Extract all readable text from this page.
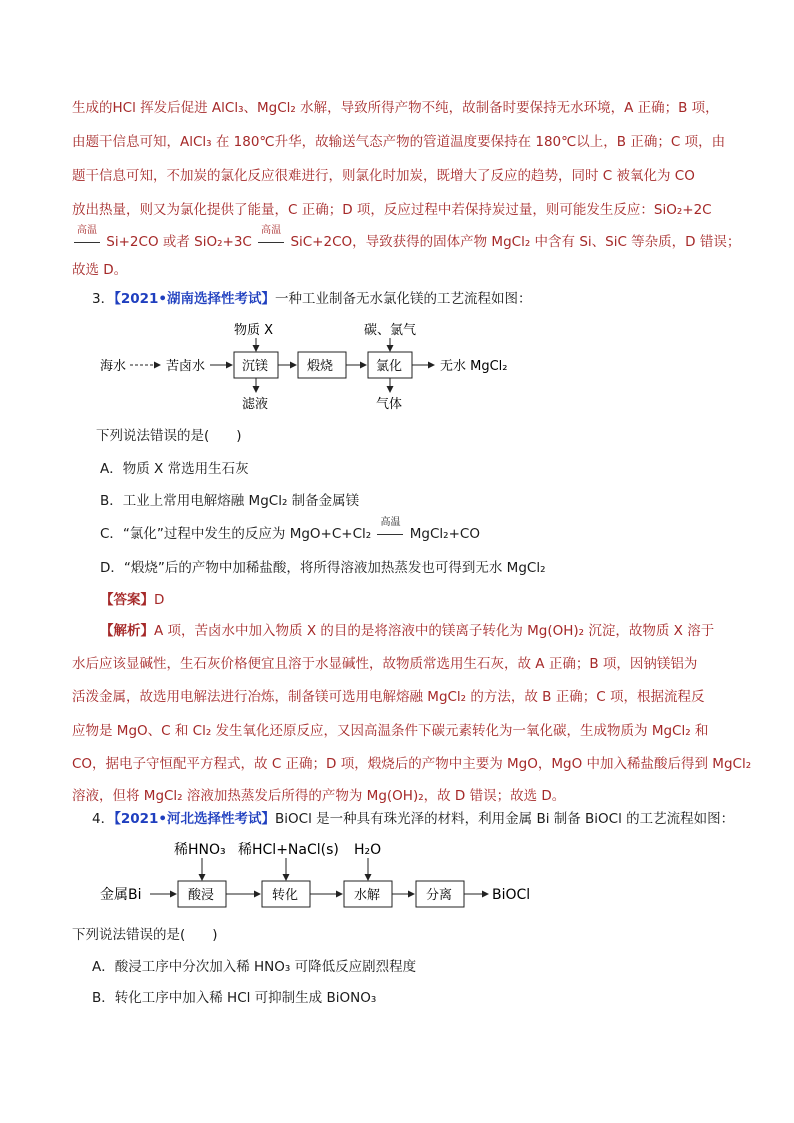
生成的HCl 挥发后促进 AlCl₃、MgCl₂ 水解，导致所得产物不纯，故制备时要保持无水环境，A 正确；B 项，
由题干信息可知，AlCl₃ 在 180℃升华，故输送气态产物的管道温度要保持在 180℃以上，B 正确；C 项，由
题干信息可知，不加炭的氯化反应很难进行，则氯化时加炭，既增大了反应的趋势，同时 C 被氧化为 CO
放出热量，则又为氯化提供了能量，C 正确；D 项，反应过程中若保持炭过量，则可能发生反应：SiO₂+2C
高温
Si+2CO 或者 SiO₂+3C
高温
SiC+2CO，导致获得的固体产物 MgCl₂ 中含有 Si、SiC 等杂质，D 错误；
故选 D。
3．【2021•湖南选择性考试】一种工业制备无水氯化镁的工艺流程如图：
海水	苦卤水	沉镁	煅烧	氯化	无水 MgCl₂
物质 X	碳、氯气
滤液	气体
下列说法错误的是(　　)
A．物质 X 常选用生石灰
B．工业上常用电解熔融 MgCl₂ 制备金属镁
C．“氯化”过程中发生的反应为 MgO+C+Cl₂
高温
MgCl₂+CO
D．“煅烧”后的产物中加稀盐酸，将所得溶液加热蒸发也可得到无水 MgCl₂
【答案】D
【解析】A 项，苦卤水中加入物质 X 的目的是将溶液中的镁离子转化为 Mg(OH)₂ 沉淀，故物质 X 溶于
水后应该显碱性，生石灰价格便宜且溶于水显碱性，故物质常选用生石灰，故 A 正确；B 项，因钠镁铝为
活泼金属，故选用电解法进行冶炼，制备镁可选用电解熔融 MgCl₂ 的方法，故 B 正确；C 项，根据流程反
应物是 MgO、C 和 Cl₂ 发生氧化还原反应，又因高温条件下碳元素转化为一氧化碳，生成物质为 MgCl₂ 和
CO，据电子守恒配平方程式，故 C 正确；D 项，煅烧后的产物中主要为 MgO，MgO 中加入稀盐酸后得到 MgCl₂
溶液，但将 MgCl₂ 溶液加热蒸发后所得的产物为 Mg(OH)₂，故 D 错误；故选 D。
4．【2021•河北选择性考试】BiOCl 是一种具有珠光泽的材料，利用金属 Bi 制备 BiOCl 的工艺流程如图：
金属Bi	酸浸	转化	水解	分离	BiOCl
稀HNO₃ 稀HCl+NaCl(s) H₂O
下列说法错误的是(　　)
A．酸浸工序中分次加入稀 HNO₃ 可降低反应剧烈程度
B．转化工序中加入稀 HCl 可抑制生成 BiONO₃
